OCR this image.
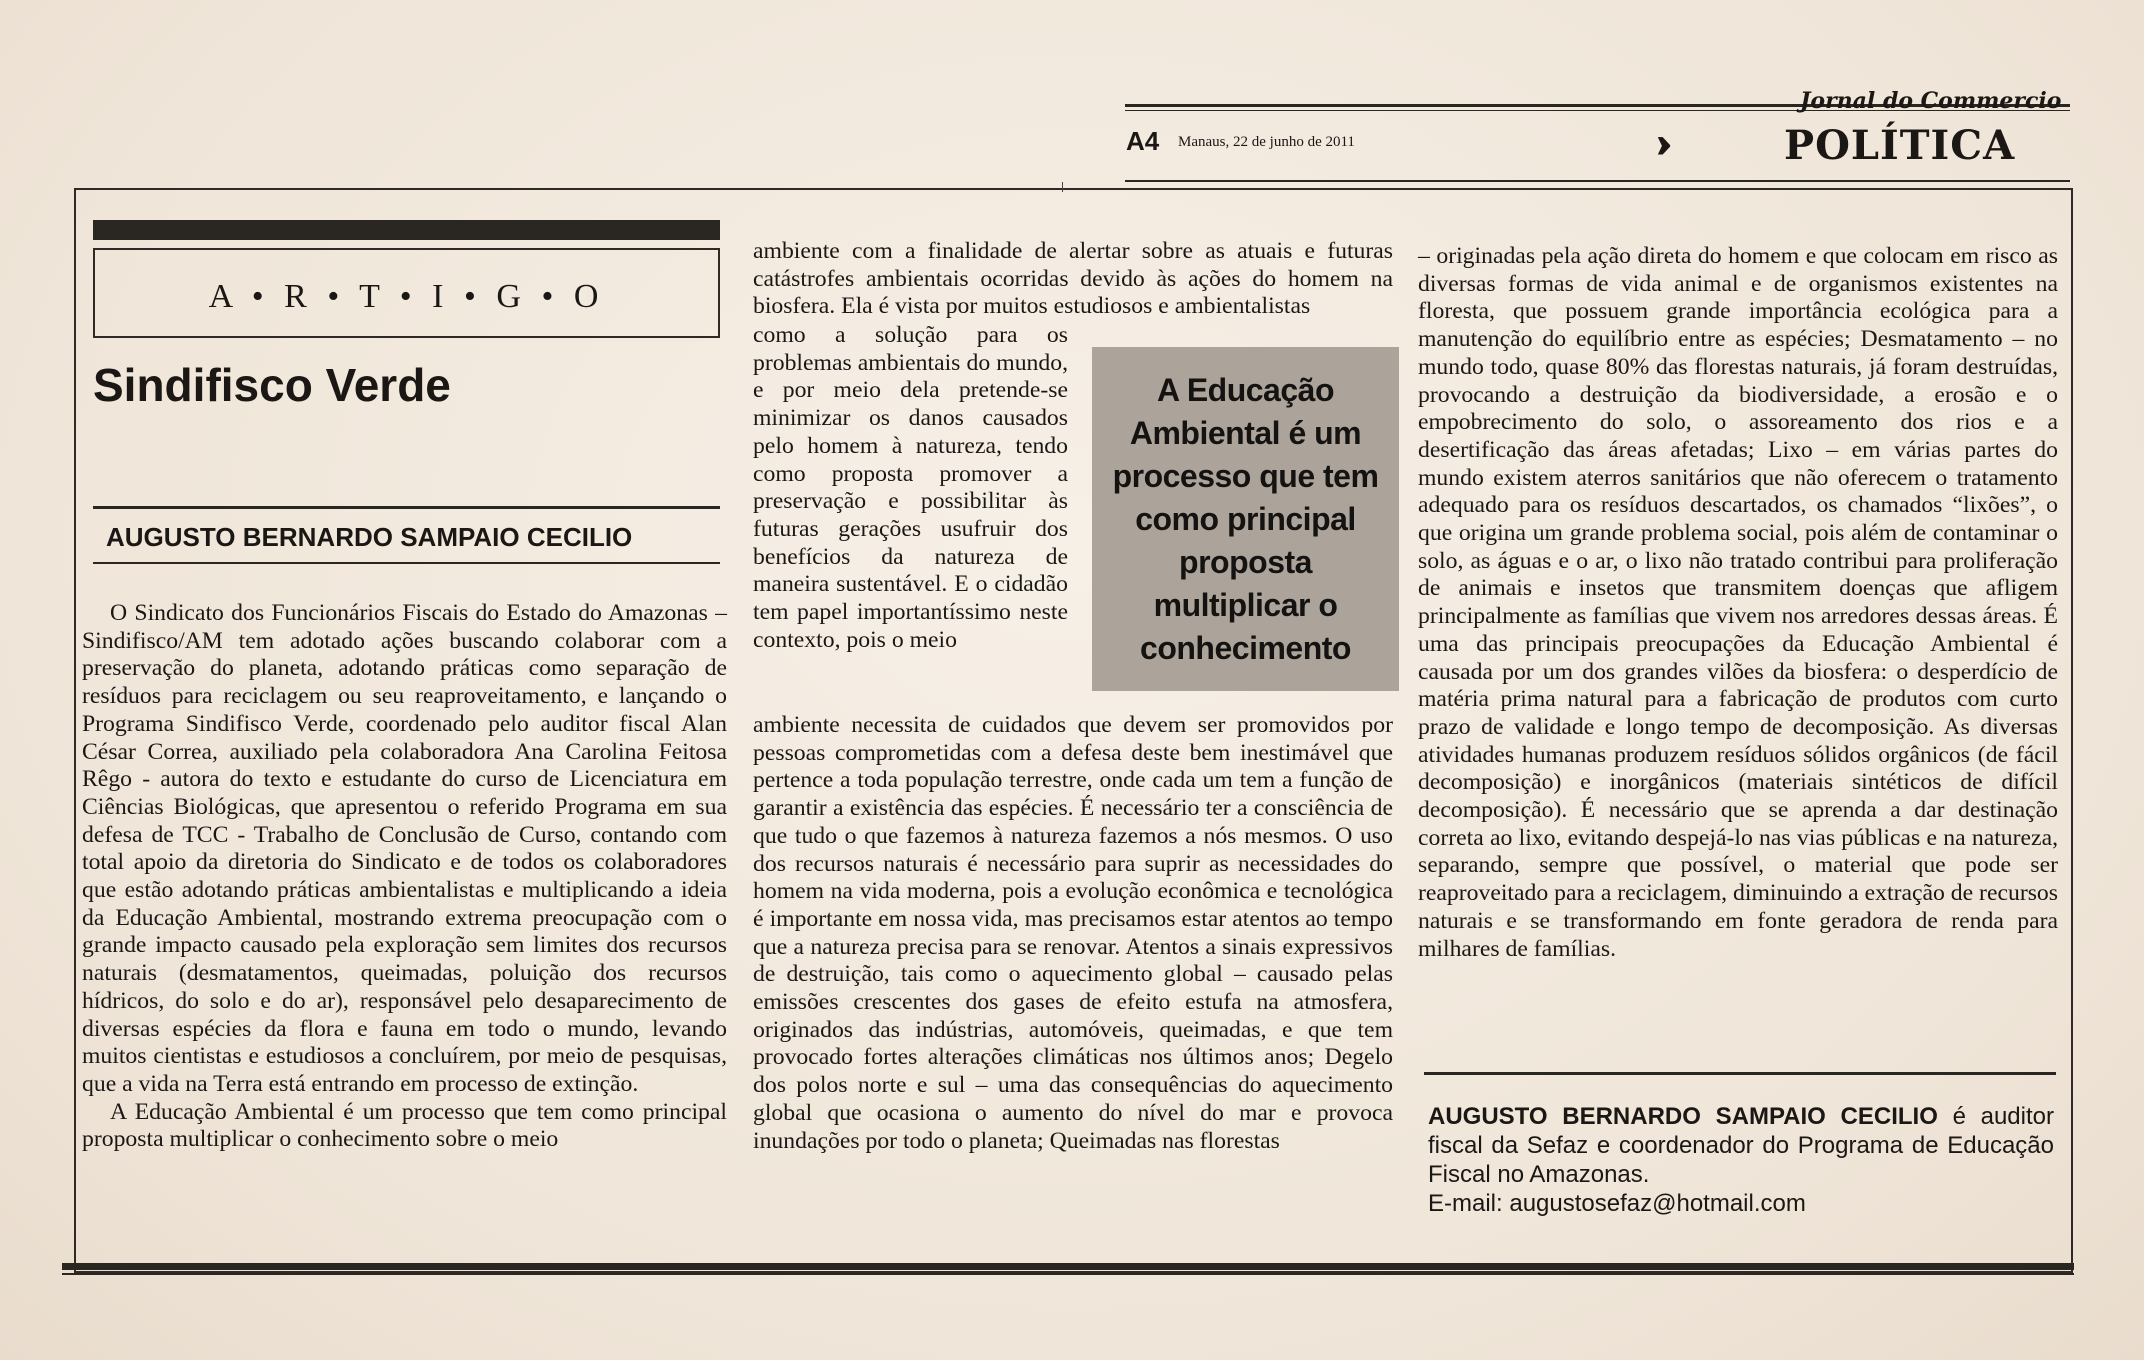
A4 Manaus, 22 de junho de 2011	›››
Jornal do Commercio
POLÍTICA
A • R • T • I • G • O
Sindifisco Verde
AUGUSTO BERNARDO SAMPAIO CECILIO

O Sindicato dos Funcionários Fiscais do Estado do Amazonas – Sindifisco/AM tem adotado ações buscando colaborar com a preservação do planeta, adotando práticas como separação de resíduos para reciclagem ou seu reaproveitamento, e lançando o Programa Sindifisco Verde, coordenado pelo auditor fiscal Alan César Correa, auxiliado pela colaboradora Ana Carolina Feitosa Rêgo - autora do texto e estudante do curso de Licenciatura em Ciências Biológicas, que apresentou o referido Programa em sua defesa de TCC - Trabalho de Conclusão de Curso, contando com total apoio da diretoria do Sindicato e de todos os colaboradores que estão adotando práticas ambientalistas e multiplicando a ideia da Educação Ambiental, mostrando extrema preocupação com o grande impacto causado pela exploração sem limites dos recursos naturais (desmatamentos, queimadas, poluição dos recursos hídricos, do solo e do ar), responsável pelo desaparecimento de diversas espécies da flora e fauna em todo o mundo, levando muitos cientistas e estudiosos a concluírem, por meio de pesquisas, que a vida na Terra está entrando em processo de extinção.

A Educação Ambiental é um processo que tem como principal proposta multiplicar o conhecimento sobre o meio

ambiente com a finalidade de alertar sobre as atuais e futuras catástrofes ambientais ocorridas devido às ações do homem na biosfera. Ela é vista por muitos estudiosos e ambientalistas

como a solução para os problemas ambientais do mundo, e por meio dela pretende-se minimizar os danos causados pelo homem à natureza, tendo como proposta promover a preservação e possibilitar às futuras gerações usufruir dos benefícios da natureza de maneira sustentável. E o cidadão tem papel importantíssimo neste contexto, pois o meio

A Educação Ambiental é um processo que tem como principal proposta multiplicar o conhecimento

ambiente necessita de cuidados que devem ser promovidos por pessoas comprometidas com a defesa deste bem inestimável que pertence a toda população terrestre, onde cada um tem a função de garantir a existência das espécies. É necessário ter a consciência de que tudo o que fazemos à natureza fazemos a nós mesmos. O uso dos recursos naturais é necessário para suprir as necessidades do homem na vida moderna, pois a evolução econômica e tecnológica é importante em nossa vida, mas precisamos estar atentos ao tempo que a natureza precisa para se renovar. Atentos a sinais expressivos de destruição, tais como o aquecimento global – causado pelas emissões crescentes dos gases de efeito estufa na atmosfera, originados das indústrias, automóveis, queimadas, e que tem provocado fortes alterações climáticas nos últimos anos; Degelo dos polos norte e sul – uma das consequências do aquecimento global que ocasiona o aumento do nível do mar e provoca inundações por todo o planeta; Queimadas nas florestas

– originadas pela ação direta do homem e que colocam em risco as diversas formas de vida animal e de organismos existentes na floresta, que possuem grande importância ecológica para a manutenção do equilíbrio entre as espécies; Desmatamento – no mundo todo, quase 80% das florestas naturais, já foram destruídas, provocando a destruição da biodiversidade, a erosão e o empobrecimento do solo, o assoreamento dos rios e a desertificação das áreas afetadas; Lixo – em várias partes do mundo existem aterros sanitários que não oferecem o tratamento adequado para os resíduos descartados, os chamados “lixões”, o que origina um grande problema social, pois além de contaminar o solo, as águas e o ar, o lixo não tratado contribui para proliferação de animais e insetos que transmitem doenças que afligem principalmente as famílias que vivem nos arredores dessas áreas. É uma das principais preocupações da Educação Ambiental é causada por um dos grandes vilões da biosfera: o desperdício de matéria prima natural para a fabricação de produtos com curto prazo de validade e longo tempo de decomposição. As diversas atividades humanas produzem resíduos sólidos orgânicos (de fácil decomposição) e inorgânicos (materiais sintéticos de difícil decomposição). É necessário que se aprenda a dar destinação correta ao lixo, evitando despejá-lo nas vias públicas e na natureza, separando, sempre que possível, o material que pode ser reaproveitado para a reciclagem, diminuindo a extração de recursos naturais e se transformando em fonte geradora de renda para milhares de famílias.

AUGUSTO BERNARDO SAMPAIO CECILIO é auditor fiscal da Sefaz e coordenador do Programa de Educação Fiscal no Amazonas.
E-mail: augustosefaz@hotmail.com
